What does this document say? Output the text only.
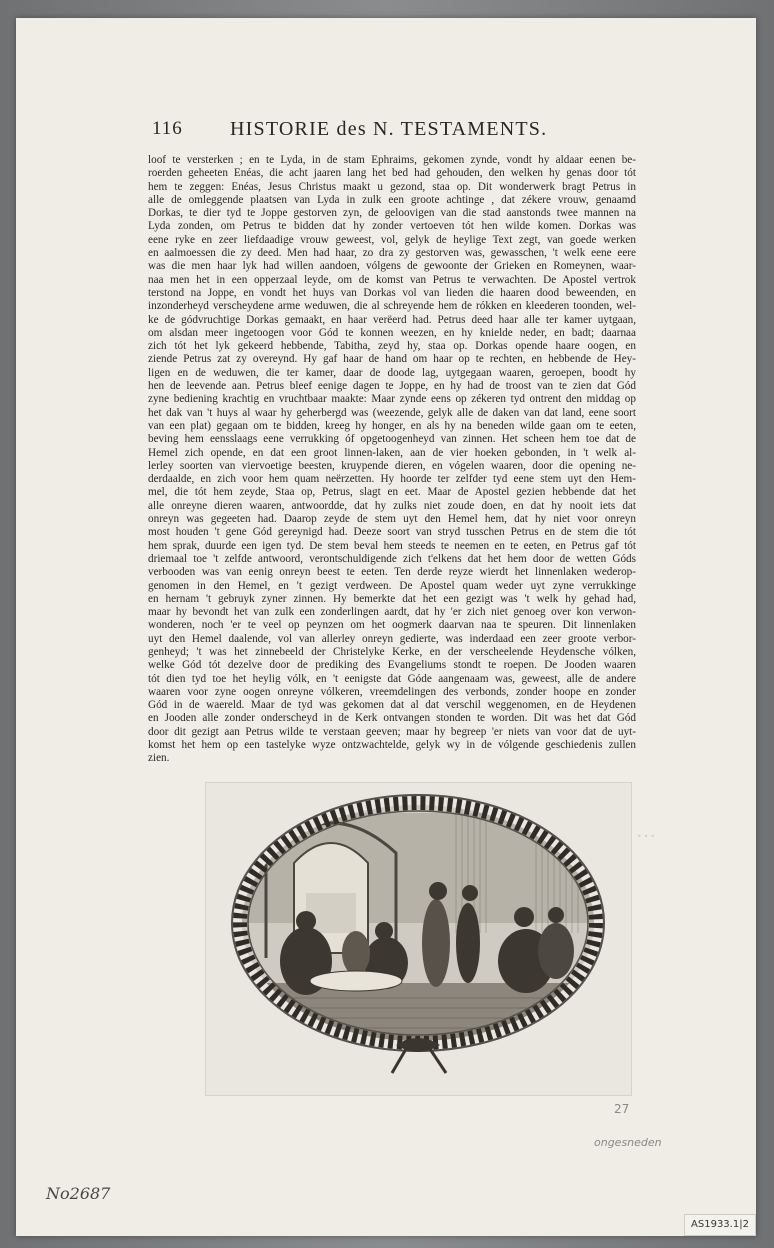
116 HISTORIE des N. TESTAMENTS.
loof te versterken ; en te Lyda, in de stam Ephraims, gekomen zynde, vondt hy aldaar eenen be-
roerden geheeten Enéas, die acht jaaren lang het bed had gehouden, den welken hy genas door tót
hem te zeggen: Enéas, Jesus Christus maakt u gezond, staa op. Dit wonderwerk bragt Petrus in
alle de omleggende plaatsen van Lyda in zulk een groote achtinge , dat zékere vrouw, genaamd
Dorkas, te dier tyd te Joppe gestorven zyn, de geloovigen van die stad aanstonds twee mannen na
Lyda zonden, om Petrus te bidden dat hy zonder vertoeven tót hen wilde komen. Dorkas was
eene ryke en zeer liefdaadige vrouw geweest, vol, gelyk de heylige Text zegt, van goede werken
en aalmoessen die zy deed. Men had haar, zo dra zy gestorven was, gewasschen, 't welk eene eere
was die men haar lyk had willen aandoen, vólgens de gewoonte der Grieken en Romeynen, waar-
naa men het in een opperzaal leyde, om de komst van Petrus te verwachten. De Apostel vertrok
terstond na Joppe, en vondt het huys van Dorkas vol van lieden die haaren dood beweenden, en
inzonderheyd verscheydene arme weduwen, die al schreyende hem de rókken en kleederen toonden, wel-
ke de gódvruchtige Dorkas gemaakt, en haar verëerd had. Petrus deed haar alle ter kamer uytgaan,
om alsdan meer ingetoogen voor Gód te konnen weezen, en hy knielde neder, en badt; daarnaa
zich tót het lyk gekeerd hebbende, Tabitha, zeyd hy, staa op. Dorkas opende haare oogen, en
ziende Petrus zat zy overeynd. Hy gaf haar de hand om haar op te rechten, en hebbende de Hey-
ligen en de weduwen, die ter kamer, daar de doode lag, uytgegaan waaren, geroepen, boodt hy
hen de leevende aan. Petrus bleef eenige dagen te Joppe, en hy had de troost van te zien dat Gód
zyne bediening krachtig en vruchtbaar maakte: Maar zynde eens op zékeren tyd ontrent den middag op
het dak van 't huys al waar hy geherbergd was (weezende, gelyk alle de daken van dat land, eene soort
van een plat) gegaan om te bidden, kreeg hy honger, en als hy na beneden wilde gaan om te eeten,
beving hem eensslaags eene verrukking óf opgetoogenheyd van zinnen. Het scheen hem toe dat de
Hemel zich opende, en dat een groot linnen-laken, aan de vier hoeken gebonden, in 't welk al-
lerley soorten van viervoetige beesten, kruypende dieren, en vógelen waaren, door die opening ne-
derdaalde, en zich voor hem quam neërzetten. Hy hoorde ter zelfder tyd eene stem uyt den Hem-
mel, die tót hem zeyde, Staa op, Petrus, slagt en eet. Maar de Apostel gezien hebbende dat het
alle onreyne dieren waaren, antwoordde, dat hy zulks niet zoude doen, en dat hy nooit iets dat
onreyn was gegeeten had. Daarop zeyde de stem uyt den Hemel hem, dat hy niet voor onreyn
most houden 't gene Gód gereynigd had. Deeze soort van stryd tusschen Petrus en de stem die tót
hem sprak, duurde een igen tyd. De stem beval hem steeds te neemen en te eeten, en Petrus gaf tót
driemaal toe 't zelfde antwoord, verontschuldigende zich t'elkens dat het hem door de wetten Góds
verbooden was van eenig onreyn beest te eeten. Ten derde reyze wierdt het linnenlaken wederop-
genomen in den Hemel, en 't gezigt verdween. De Apostel quam weder uyt zyne verrukkinge
en hernam 't gebruyk zyner zinnen. Hy bemerkte dat het een gezigt was 't welk hy gehad had,
maar hy bevondt het van zulk een zonderlingen aardt, dat hy 'er zich niet genoeg over kon verwon-
wonderen, noch 'er te veel op peynzen om het oogmerk daarvan naa te speuren. Dit linnenlaken
uyt den Hemel daalende, vol van allerley onreyn gedierte, was inderdaad een zeer groote verbor-
genheyd; 't was het zinnebeeld der Christelyke Kerke, en der verscheelende Heydensche vólken,
welke Gód tót dezelve door de prediking des Evangeliums stondt te roepen. De Jooden waaren
tót dien tyd toe het heylig vólk, en 't eenigste dat Góde aangenaam was, geweest, alle de andere
waaren voor zyne oogen onreyne vólkeren, vreemdelingen des verbonds, zonder hoope en zonder
Gód in de waereld. Maar de tyd was gekomen dat al dat verschil weggenomen, en de Heydenen
en Jooden alle zonder onderscheyd in de Kerk ontvangen stonden te worden. Dit was het dat Gód
door dit gezigt aan Petrus wilde te verstaan geeven; maar hy begreep 'er niets van voor dat de uyt-
komst het hem op een tastelyke wyze ontzwachtelde, gelyk wy in de vólgende geschiedenis zullen
zien.
…
27
ongesneden
No2687
AS1933.1|2
